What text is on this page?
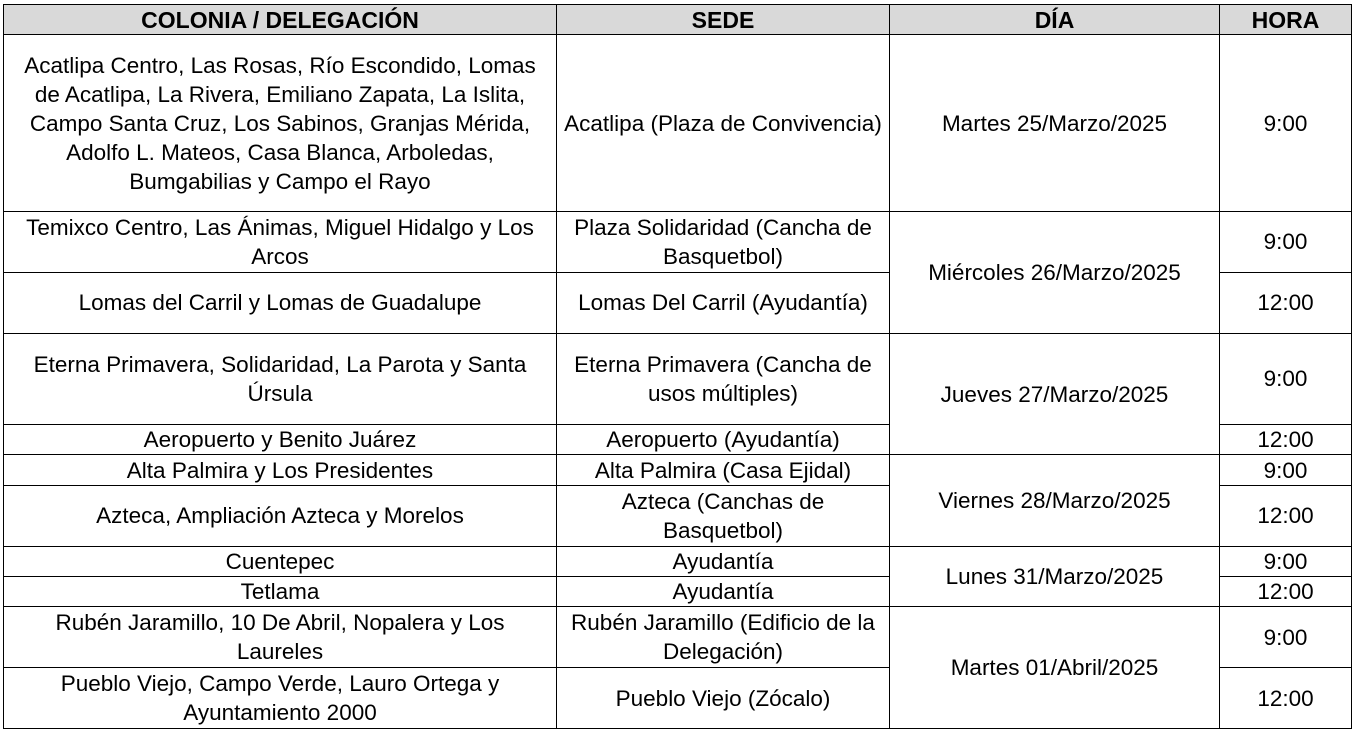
COLONIA / DELEGACIÓN	SEDE	DÍA	HORA
Acatlipa Centro, Las Rosas, Río Escondido, Lomas de Acatlipa, La Rivera, Emiliano Zapata, La Islita, Campo Santa Cruz, Los Sabinos, Granjas Mérida, Adolfo L. Mateos, Casa Blanca, Arboledas, Bumgabilias y Campo el Rayo	Acatlipa (Plaza de Convivencia)	Martes 25/Marzo/2025	9:00
Temixco Centro, Las Ánimas, Miguel Hidalgo y Los Arcos	Plaza Solidaridad (Cancha de Basquetbol)	Miércoles 26/Marzo/2025	9:00
Lomas del Carril y Lomas de Guadalupe	Lomas Del Carril (Ayudantía)		12:00
Eterna Primavera, Solidaridad, La Parota y Santa Úrsula	Eterna Primavera (Cancha de usos múltiples)	Jueves 27/Marzo/2025	9:00
Aeropuerto y Benito Juárez	Aeropuerto (Ayudantía)		12:00
Alta Palmira y Los Presidentes	Alta Palmira (Casa Ejidal)	Viernes 28/Marzo/2025	9:00
Azteca, Ampliación Azteca y Morelos	Azteca (Canchas de Basquetbol)		12:00
Cuentepec	Ayudantía	Lunes 31/Marzo/2025	9:00
Tetlama	Ayudantía		12:00
Rubén Jaramillo, 10 De Abril, Nopalera y Los Laureles	Rubén Jaramillo (Edificio de la Delegación)	Martes 01/Abril/2025	9:00
Pueblo Viejo, Campo Verde, Lauro Ortega y Ayuntamiento 2000	Pueblo Viejo (Zócalo)		12:00
